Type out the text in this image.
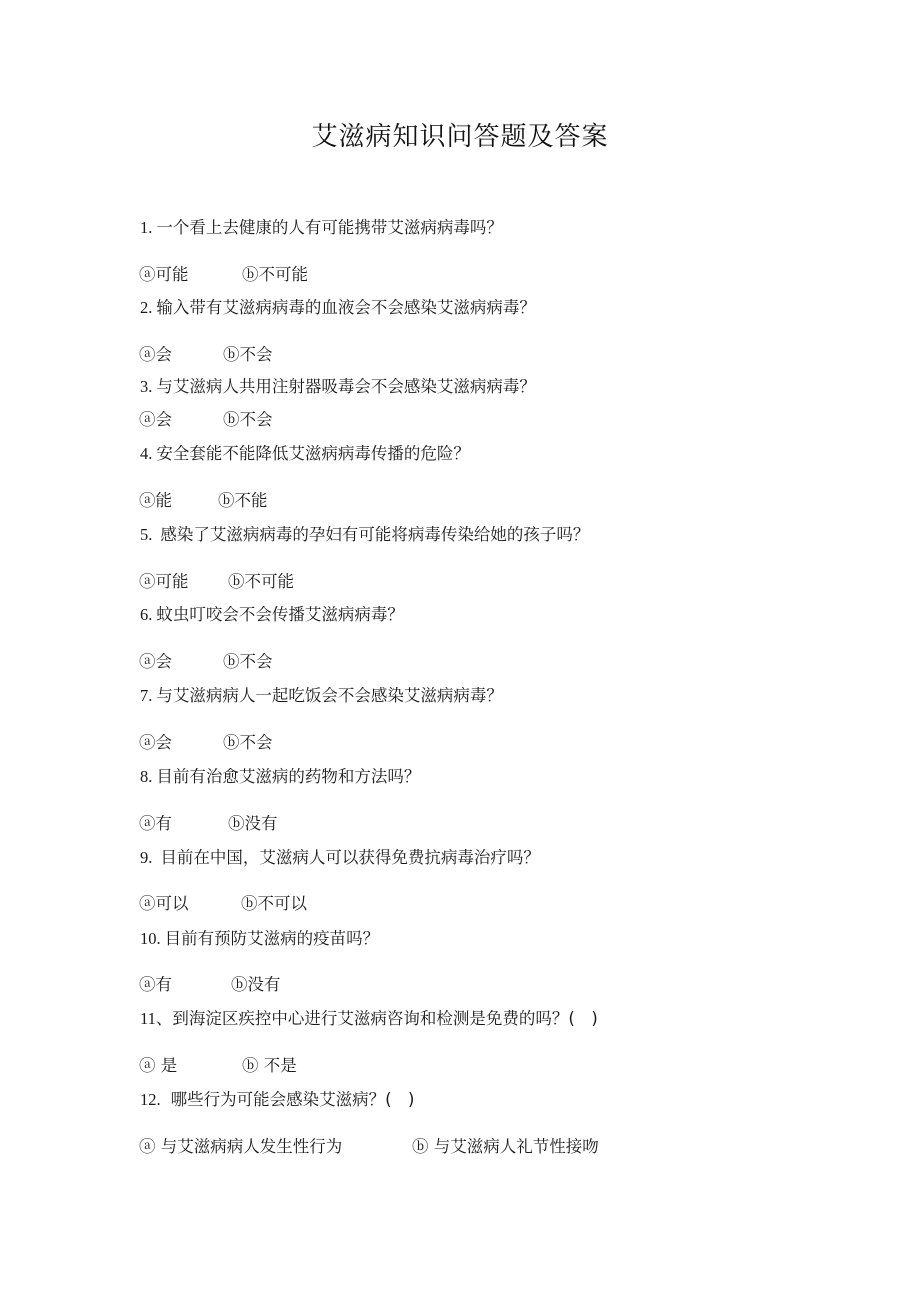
艾滋病知识问答题及答案
1. 一个看上去健康的人有可能携带艾滋病病毒吗？
ⓐ可能	ⓑ不可能
2. 输入带有艾滋病病毒的血液会不会感染艾滋病病毒？
ⓐ会	ⓑ不会
3. 与艾滋病人共用注射器吸毒会不会感染艾滋病病毒？
ⓐ会	ⓑ不会
4. 安全套能不能降低艾滋病病毒传播的危险？
ⓐ能	ⓑ不能
5. 感染了艾滋病病毒的孕妇有可能将病毒传染给她的孩子吗？
ⓐ可能 ⓑ不可能
6. 蚊虫叮咬会不会传播艾滋病病毒？
ⓐ会	ⓑ不会
7. 与艾滋病病人一起吃饭会不会感染艾滋病病毒？
ⓐ会	ⓑ不会
8. 目前有治愈艾滋病的药物和方法吗？
ⓐ有	ⓑ没有
9. 目前在中国，艾滋病人可以获得免费抗病毒治疗吗？
ⓐ可以	ⓑ不可以
10. 目前有预防艾滋病的疫苗吗？
ⓐ有	ⓑ没有
11、到海淀区疾控中心进行艾滋病咨询和检测是免费的吗？(　)
ⓐ 是	ⓑ 不是
12. 哪些行为可能会感染艾滋病？(　)
ⓐ 与艾滋病病人发生性行为	ⓑ 与艾滋病人礼节性接吻
